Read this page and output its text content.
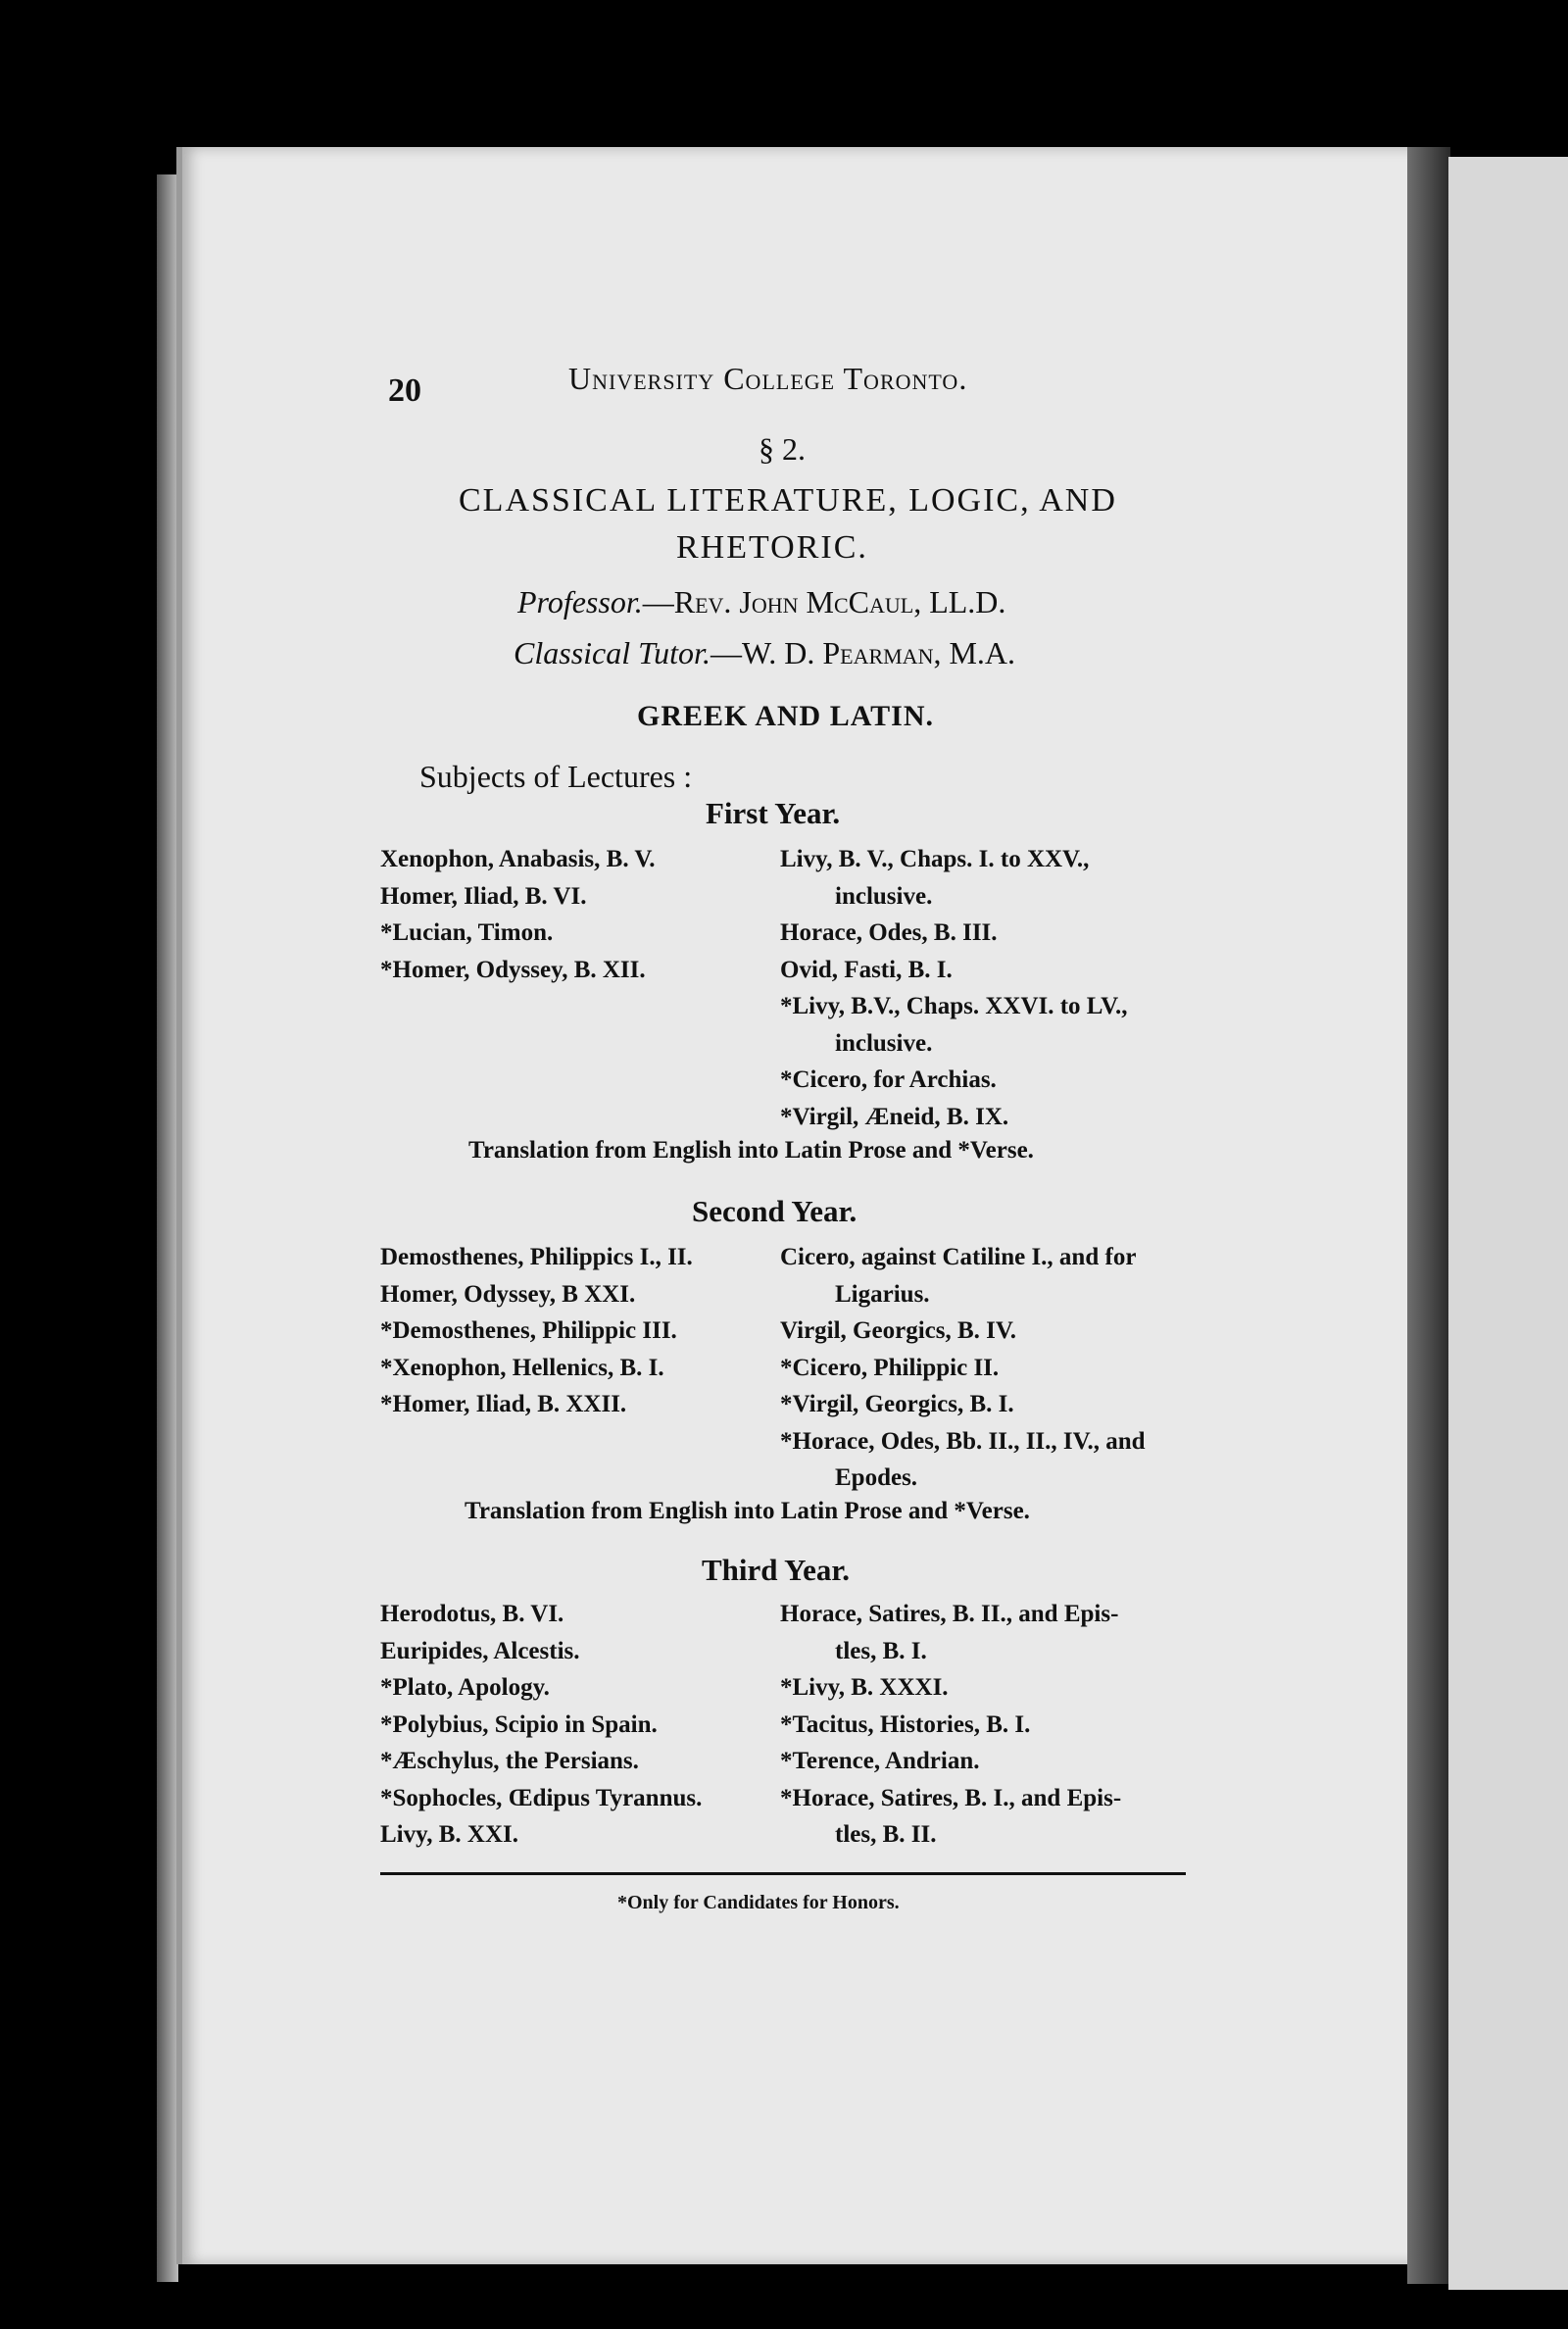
20	University College Toronto.
§ 2.
CLASSICAL LITERATURE, LOGIC, AND
RHETORIC.
Professor.—Rev. John McCaul, LL.D.
Classical Tutor.—W. D. Pearman, M.A.
GREEK AND LATIN.
Subjects of Lectures :
First Year.
Xenophon, Anabasis, B. V.
Homer, Iliad, B. VI.
*Lucian, Timon.
*Homer, Odyssey, B. XII.
Livy, B. V., Chaps. I. to XXV.,
inclusive.
Horace, Odes, B. III.
Ovid, Fasti, B. I.
*Livy, B.V., Chaps. XXVI. to LV.,
inclusive.
*Cicero, for Archias.
*Virgil, Æneid, B. IX.
Translation from English into Latin Prose and *Verse.
Second Year.
Demosthenes, Philippics I., II.
Homer, Odyssey, B XXI.
*Demosthenes, Philippic III.
*Xenophon, Hellenics, B. I.
*Homer, Iliad, B. XXII.
Cicero, against Catiline I., and for
Ligarius.
Virgil, Georgics, B. IV.
*Cicero, Philippic II.
*Virgil, Georgics, B. I.
*Horace, Odes, Bb. II., II., IV., and
Epodes.
Translation from English into Latin Prose and *Verse.
Third Year.
Herodotus, B. VI.
Euripides, Alcestis.
*Plato, Apology.
*Polybius, Scipio in Spain.
*Æschylus, the Persians.
*Sophocles, Œdipus Tyrannus.
Livy, B. XXI.
Horace, Satires, B. II., and Epis-
tles, B. I.
*Livy, B. XXXI.
*Tacitus, Histories, B. I.
*Terence, Andrian.
*Horace, Satires, B. I., and Epis-
tles, B. II.
*Only for Candidates for Honors.
